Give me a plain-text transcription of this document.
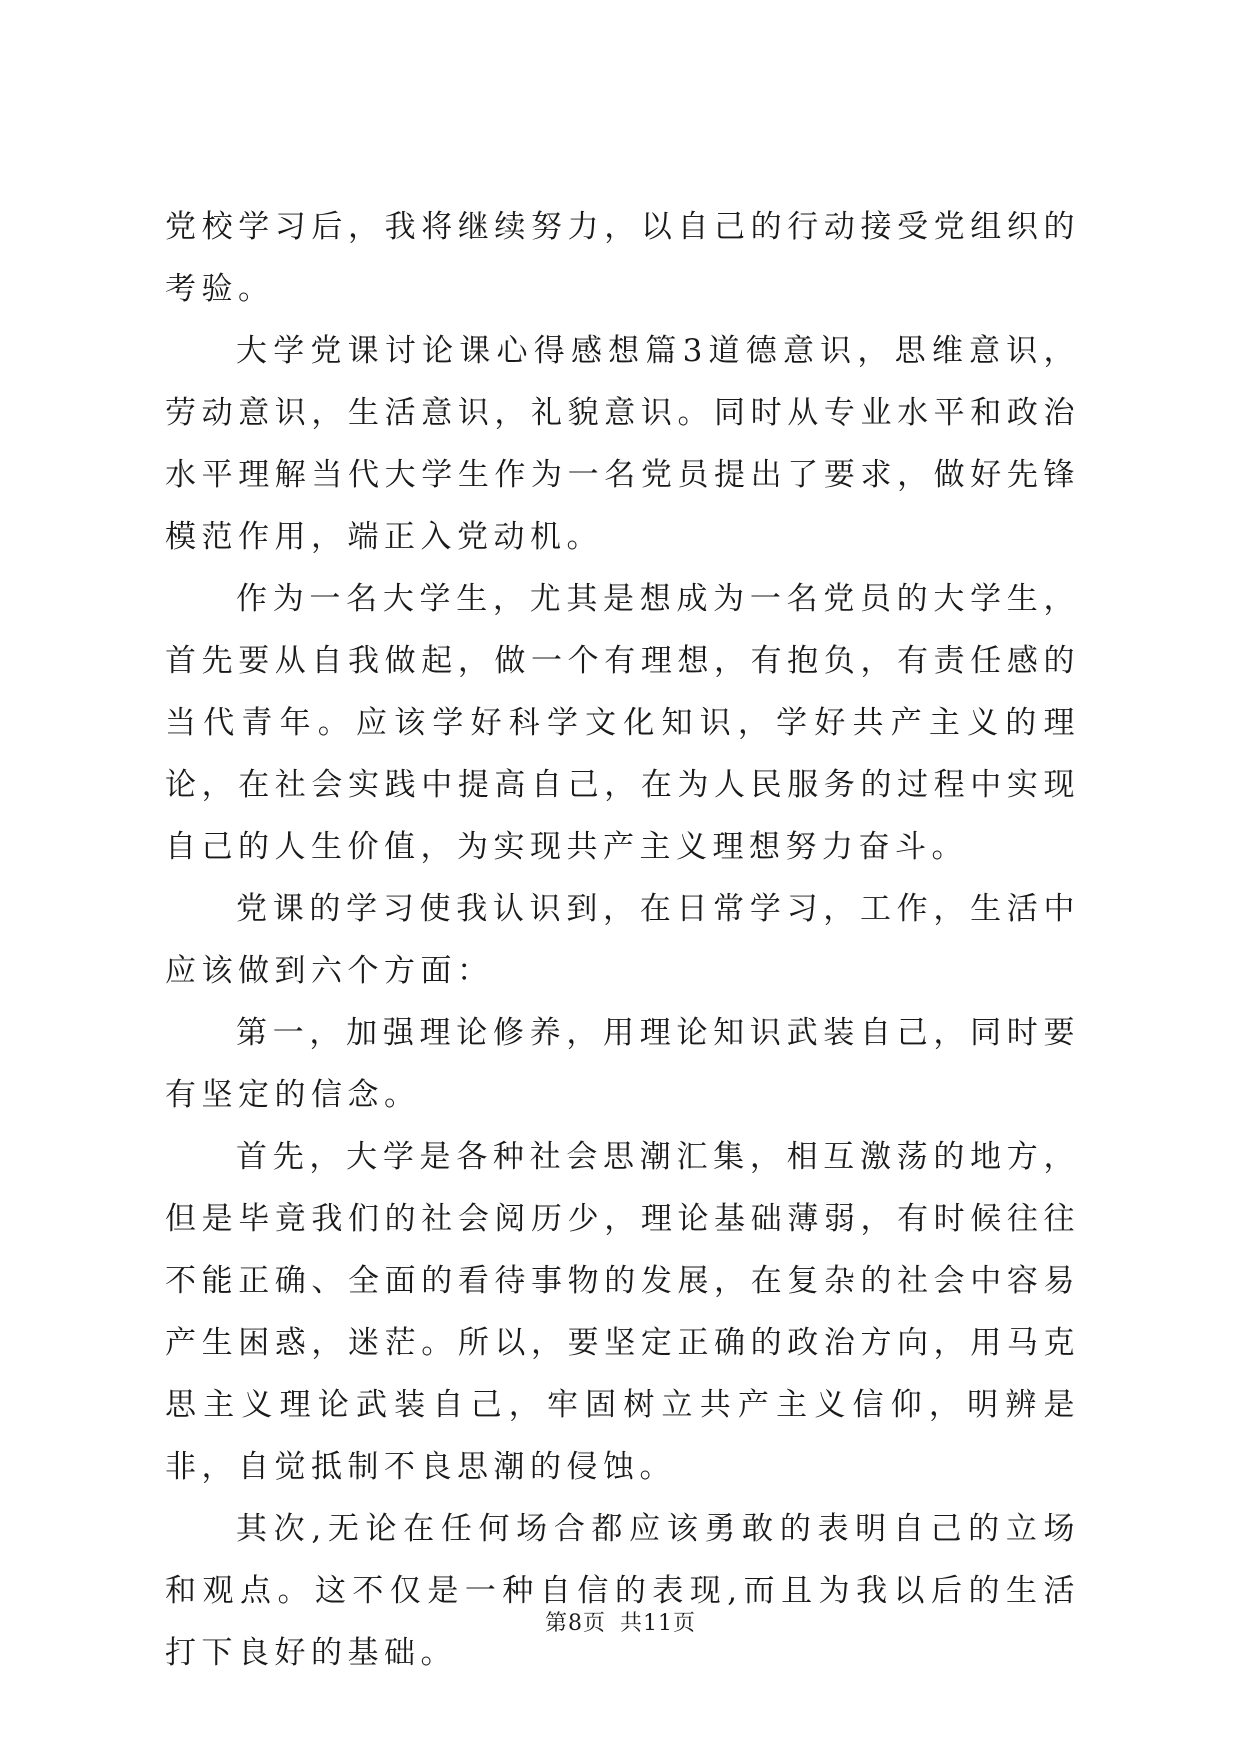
党校学习后，我将继续努力，以自己的行动接受党组织的考验。

大学党课讨论课心得感想篇3道德意识，思维意识，劳动意识，生活意识，礼貌意识。同时从专业水平和政治水平理解当代大学生作为一名党员提出了要求，做好先锋模范作用，端正入党动机。

作为一名大学生，尤其是想成为一名党员的大学生，首先要从自我做起，做一个有理想，有抱负，有责任感的当代青年。应该学好科学文化知识，学好共产主义的理论，在社会实践中提高自己，在为人民服务的过程中实现自己的人生价值，为实现共产主义理想努力奋斗。

党课的学习使我认识到，在日常学习，工作，生活中应该做到六个方面：

第一，加强理论修养，用理论知识武装自己，同时要有坚定的信念。

首先，大学是各种社会思潮汇集，相互激荡的地方，但是毕竟我们的社会阅历少，理论基础薄弱，有时候往往不能正确、全面的看待事物的发展，在复杂的社会中容易产生困惑，迷茫。所以，要坚定正确的政治方向，用马克思主义理论武装自己，牢固树立共产主义信仰，明辨是非，自觉抵制不良思潮的侵蚀。

其次,无论在任何场合都应该勇敢的表明自己的立场和观点。这不仅是一种自信的表现,而且为我以后的生活打下良好的基础。

第8页 共11页
